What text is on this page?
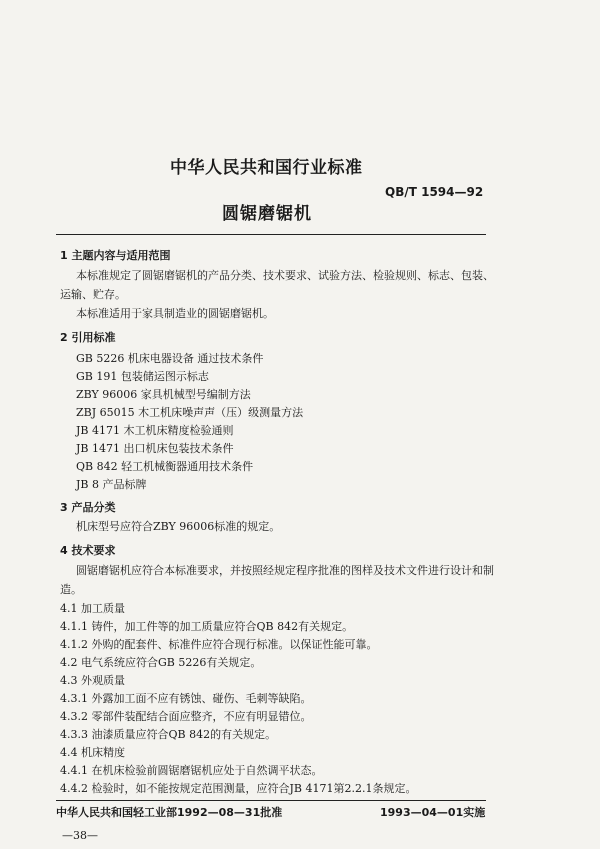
中华人民共和国行业标准
QB/T 1594—92
圆锯磨锯机
1 主题内容与适用范围
本标准规定了圆锯磨锯机的产品分类、技术要求、试验方法、检验规则、标志、包装、
运输、贮存。
本标准适用于家具制造业的圆锯磨锯机。
2 引用标准
GB 5226 机床电器设备 通过技术条件
GB 191 包装储运图示标志
ZBY 96006 家具机械型号编制方法
ZBJ 65015 木工机床噪声声（压）级测量方法
JB 4171 木工机床精度检验通则
JB 1471 出口机床包装技术条件
QB 842 轻工机械衡器通用技术条件
JB 8 产品标牌
3 产品分类
机床型号应符合ZBY 96006标准的规定。
4 技术要求
圆锯磨锯机应符合本标准要求，并按照经规定程序批准的图样及技术文件进行设计和制
造。
4.1 加工质量
4.1.1 铸件，加工件等的加工质量应符合QB 842有关规定。
4.1.2 外购的配套件、标准件应符合现行标准。以保证性能可靠。
4.2 电气系统应符合GB 5226有关规定。
4.3 外观质量
4.3.1 外露加工面不应有锈蚀、碰伤、毛刺等缺陷。
4.3.2 零部件装配结合面应整齐，不应有明显错位。
4.3.3 油漆质量应符合QB 842的有关规定。
4.4 机床精度
4.4.1 在机床检验前圆锯磨锯机应处于自然调平状态。
4.4.2 检验时，如不能按规定范围测量，应符合JB 4171第2.2.1条规定。
中华人民共和国轻工业部1992—08—31批准	1993—04—01实施
—38—
